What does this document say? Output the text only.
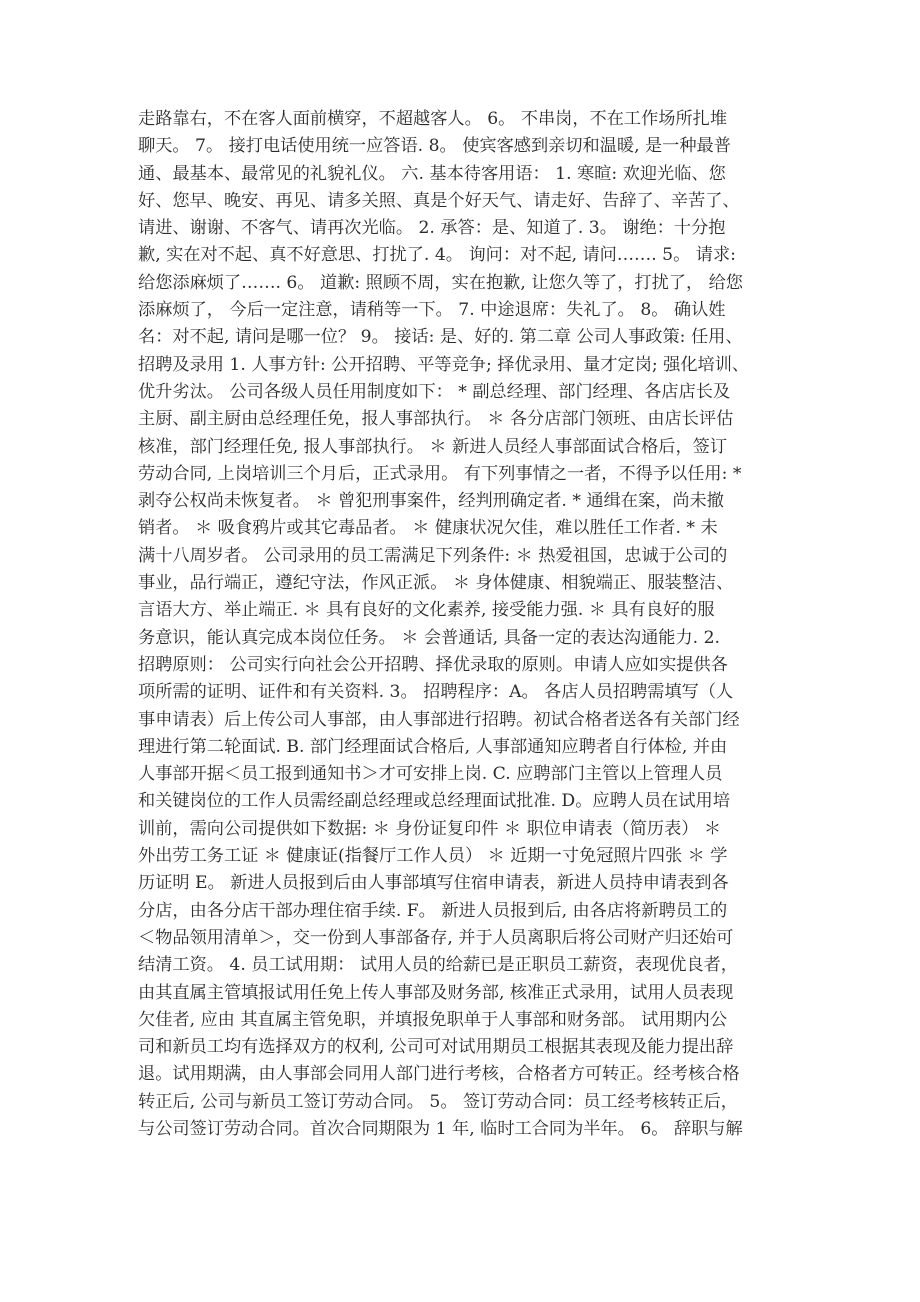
走路靠右，不在客人面前横穿，不超越客人。 6。 不串岗，不在工作场所扎堆
聊天。 7。 接打电话使用统一应答语. 8。 使宾客感到亲切和温暖, 是一种最普
通、最基本、最常见的礼貌礼仪。 六. 基本待客用语： 1. 寒暄: 欢迎光临、您
好、您早、晚安、再见、请多关照、真是个好天气、请走好、告辞了、辛苦了、
请进、谢谢、不客气、请再次光临。 2. 承答：是、知道了. 3。 谢绝：十分抱
歉, 实在对不起、真不好意思、打扰了. 4。 询问：对不起, 请问……. 5。 请求:
给您添麻烦了……. 6。 道歉: 照顾不周，实在抱歉, 让您久等了，打扰了， 给您
添麻烦了， 今后一定注意，请稍等一下。 7. 中途退席：失礼了。 8。 确认姓
名：对不起, 请问是哪一位？ 9。 接话: 是、好的. 第二章 公司人事政策: 任用、
招聘及录用 1. 人事方针: 公开招聘、平等竞争; 择优录用、量才定岗; 强化培训、
优升劣汰。 公司各级人员任用制度如下： * 副总经理、部门经理、各店店长及
主厨、副主厨由总经理任免，报人事部执行。 ＊ 各分店部门领班、由店长评估
核准，部门经理任免, 报人事部执行。 ＊ 新进人员经人事部面试合格后，签订
劳动合同, 上岗培训三个月后，正式录用。 有下列事情之一者，不得予以任用: *
剥夺公权尚未恢复者。 ＊ 曾犯刑事案件，经判刑确定者. * 通缉在案，尚未撤
销者。 ＊ 吸食鸦片或其它毒品者。 ＊ 健康状况欠佳，难以胜任工作者. * 未
满十八周岁者。 公司录用的员工需满足下列条件: ＊ 热爱祖国，忠诚于公司的
事业，品行端正，遵纪守法，作风正派。 ＊ 身体健康、相貌端正、服装整洁、
言语大方、举止端正. ＊ 具有良好的文化素养, 接受能力强. ＊ 具有良好的服
务意识，能认真完成本岗位任务。 ＊ 会普通话, 具备一定的表达沟通能力. 2.
招聘原则： 公司实行向社会公开招聘、择优录取的原则。申请人应如实提供各
项所需的证明、证件和有关资料. 3。 招聘程序：A。 各店人员招聘需填写（人
事申请表）后上传公司人事部，由人事部进行招聘。初试合格者送各有关部门经
理进行第二轮面试. B. 部门经理面试合格后, 人事部通知应聘者自行体检, 并由
人事部开据＜员工报到通知书＞才可安排上岗. C. 应聘部门主管以上管理人员
和关键岗位的工作人员需经副总经理或总经理面试批准. D。应聘人员在试用培
训前，需向公司提供如下数据: ＊ 身份证复印件 ＊ 职位申请表（简历表） ＊
外出劳工务工证 ＊ 健康证(指餐厅工作人员） ＊ 近期一寸免冠照片四张 ＊ 学
历证明 E。 新进人员报到后由人事部填写住宿申请表，新进人员持申请表到各
分店，由各分店干部办理住宿手续. F。 新进人员报到后, 由各店将新聘员工的
＜物品领用清单＞，交一份到人事部备存, 并于人员离职后将公司财产归还始可
结清工资。 4. 员工试用期： 试用人员的给薪已是正职员工薪资，表现优良者，
由其直属主管填报试用任免上传人事部及财务部, 核准正式录用，试用人员表现
欠佳者, 应由 其直属主管免职，并填报免职单于人事部和财务部。 试用期内公
司和新员工均有选择双方的权利, 公司可对试用期员工根据其表现及能力提出辞
退。试用期满，由人事部会同用人部门进行考核，合格者方可转正。经考核合格
转正后, 公司与新员工签订劳动合同。 5。 签订劳动合同：员工经考核转正后，
与公司签订劳动合同。首次合同期限为 1 年, 临时工合同为半年。 6。 辞职与解
